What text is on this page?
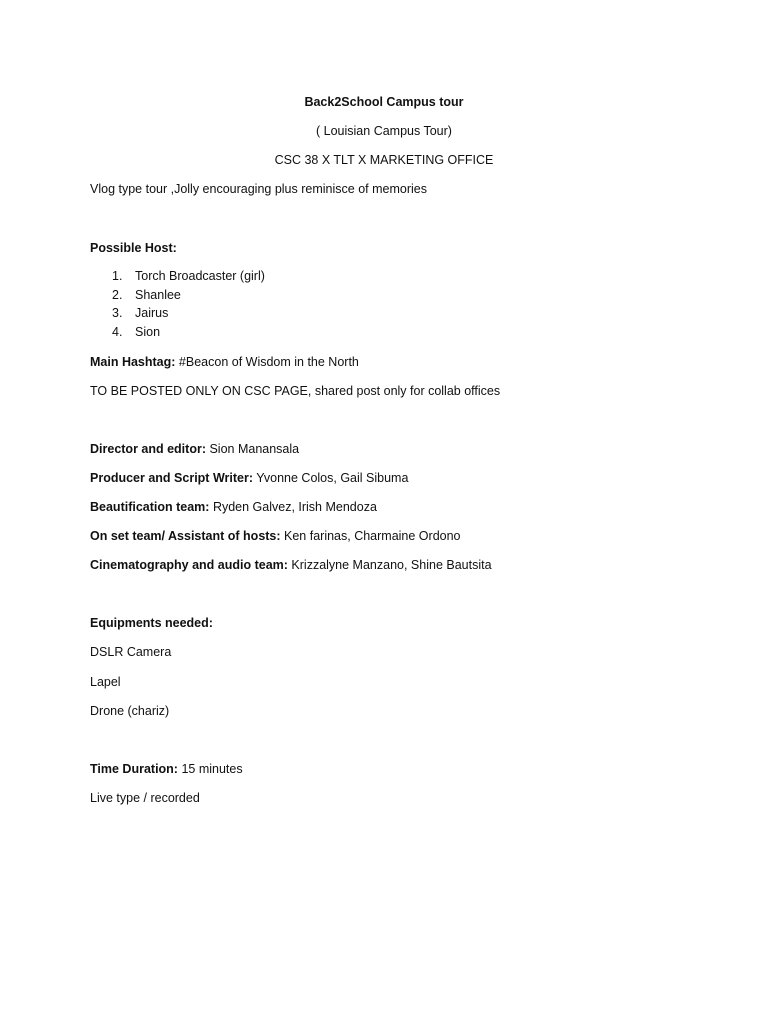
Back2School Campus tour
( Louisian Campus Tour)
CSC 38 X TLT X MARKETING OFFICE
Vlog type tour ,Jolly encouraging plus reminisce of memories
Possible Host:
1. Torch Broadcaster (girl)
2. Shanlee
3. Jairus
4. Sion
Main Hashtag: #Beacon of Wisdom in the North
TO BE POSTED ONLY ON CSC PAGE, shared post only for collab offices
Director and editor: Sion Manansala
Producer and Script Writer: Yvonne Colos, Gail Sibuma
Beautification team: Ryden Galvez, Irish Mendoza
On set team/ Assistant of hosts: Ken farinas, Charmaine Ordono
Cinematography and audio team: Krizzalyne Manzano, Shine Bautsita
Equipments needed:
DSLR Camera
Lapel
Drone (chariz)
Time Duration: 15 minutes
Live type / recorded
